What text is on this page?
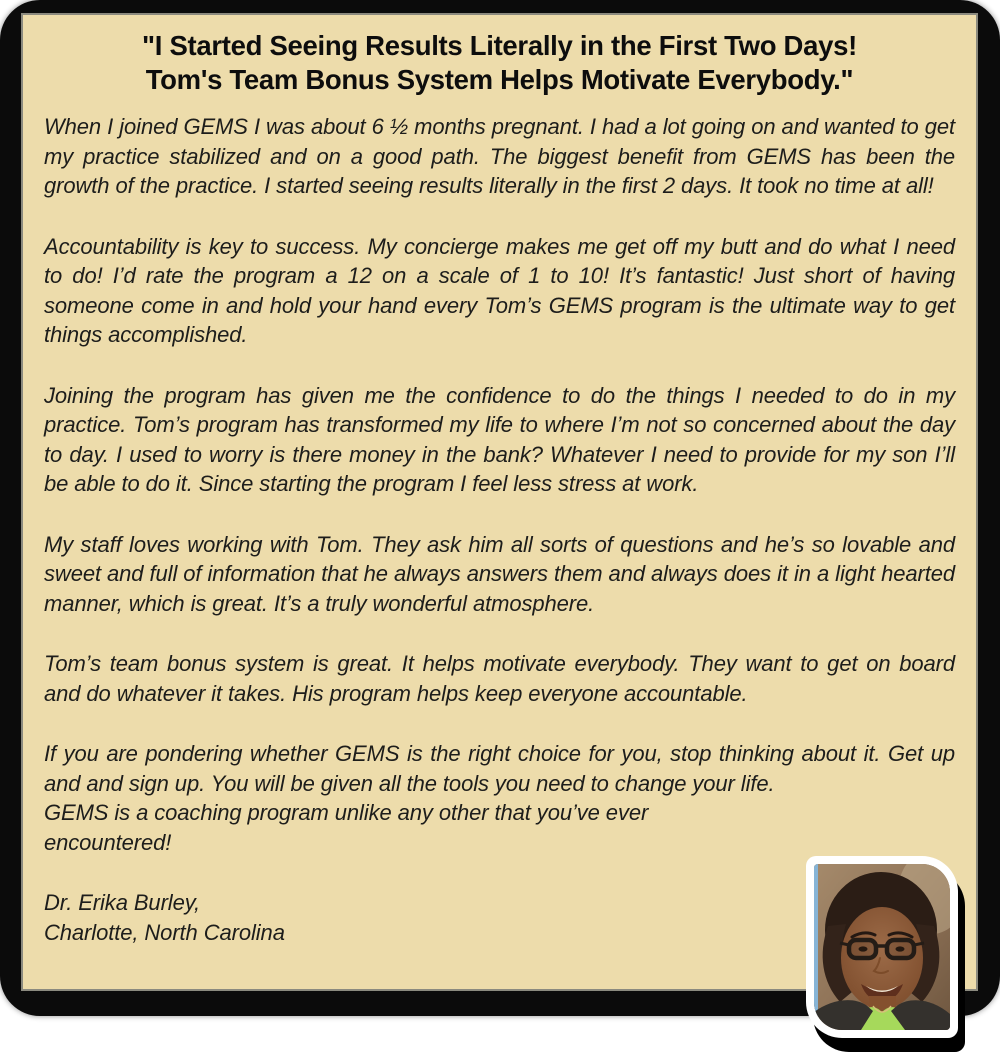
"I Started Seeing Results Literally in the First Two Days!
Tom's Team Bonus System Helps Motivate Everybody."

When I joined GEMS I was about 6 ½ months pregnant. I had a lot going on and wanted to get my practice stabilized and on a good path. The biggest benefit from GEMS has been the growth of the practice. I started seeing results literally in the first 2 days. It took no time at all!

Accountability is key to success. My concierge makes me get off my butt and do what I need to do! I’d rate the program a 12 on a scale of 1 to 10! It’s fantastic! Just short of having someone come in and hold your hand every Tom’s GEMS program is the ultimate way to get things accomplished.

Joining the program has given me the confidence to do the things I needed to do in my practice. Tom’s program has transformed my life to where I’m not so concerned about the day to day. I used to worry is there money in the bank? Whatever I need to provide for my son I’ll be able to do it. Since starting the program I feel less stress at work.

My staff loves working with Tom. They ask him all sorts of questions and he’s so lovable and sweet and full of information that he always answers them and always does it in a light hearted manner, which is great. It’s a truly wonderful atmosphere.

Tom’s team bonus system is great. It helps motivate everybody. They want to get on board and do whatever it takes. His program helps keep everyone accountable.

If you are pondering whether GEMS is the right choice for you, stop thinking about it. Get up and and sign up. You will be given all the tools you need to change your life.

GEMS is a coaching program unlike any other that you’ve ever
encountered!
Dr. Erika Burley,
Charlotte, North Carolina
